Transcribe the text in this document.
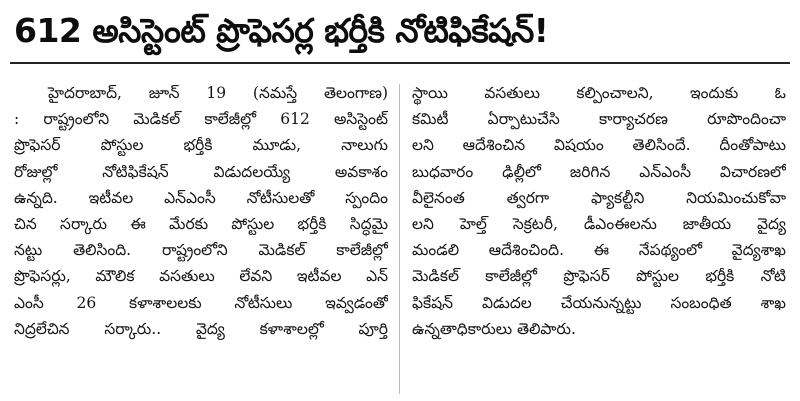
612 అసిస్టెంట్ ప్రొఫెసర్ల భర్తీకి నోటిఫికేషన్!
హైదరాబాద్, జూన్ 19 (నమస్తే తెలంగాణ)
: రాష్ట్రంలోని మెడికల్ కాలేజీల్లో 612 అసిస్టెంట్
ప్రొఫెసర్ పోస్టుల భర్తీకి మూడు, నాలుగు
రోజుల్లో నోటిఫికేషన్ విడుదలయ్యే అవకాశం
ఉన్నది. ఇటీవల ఎన్ఎంసీ నోటీసులతో స్పందిం
చిన సర్కారు ఈ మేరకు పోస్టుల భర్తీకి సిద్ధమై
నట్టు తెలిసింది. రాష్ట్రంలోని మెడికల్ కాలేజీల్లో
ప్రొఫెసర్లు, మౌలిక వసతులు లేవని ఇటీవల ఎన్
ఎంసీ 26 కళాశాలలకు నోటీసులు ఇవ్వడంతో
నిద్రలేచిన సర్కారు.. వైద్య కళాశాలల్లో పూర్తి
స్థాయి వసతులు కల్పించాలని, ఇందుకు ఓ
కమిటీ ఏర్పాటుచేసి కార్యాచరణ రూపొందించా
లని ఆదేశించిన విషయం తెలిసిందే. దీంతోపాటు
బుధవారం ఢిల్లీలో జరిగిన ఎన్ఎంసీ విచారణలో
వీలైనంత త్వరగా ఫ్యాకల్టీని నియమించుకోవా
లని హెల్త్ సెక్రటరీ, డీఎంఈలను జాతీయ వైద్య
మండలి ఆదేశించింది. ఈ నేపథ్యంలో వైద్యశాఖ
మెడికల్ కాలేజీల్లో ప్రొఫెసర్ పోస్టుల భర్తీకి నోటి
ఫికేషన్ విడుదల చేయనున్నట్టు సంబంధిత శాఖ
ఉన్నతాధికారులు తెలిపారు.
